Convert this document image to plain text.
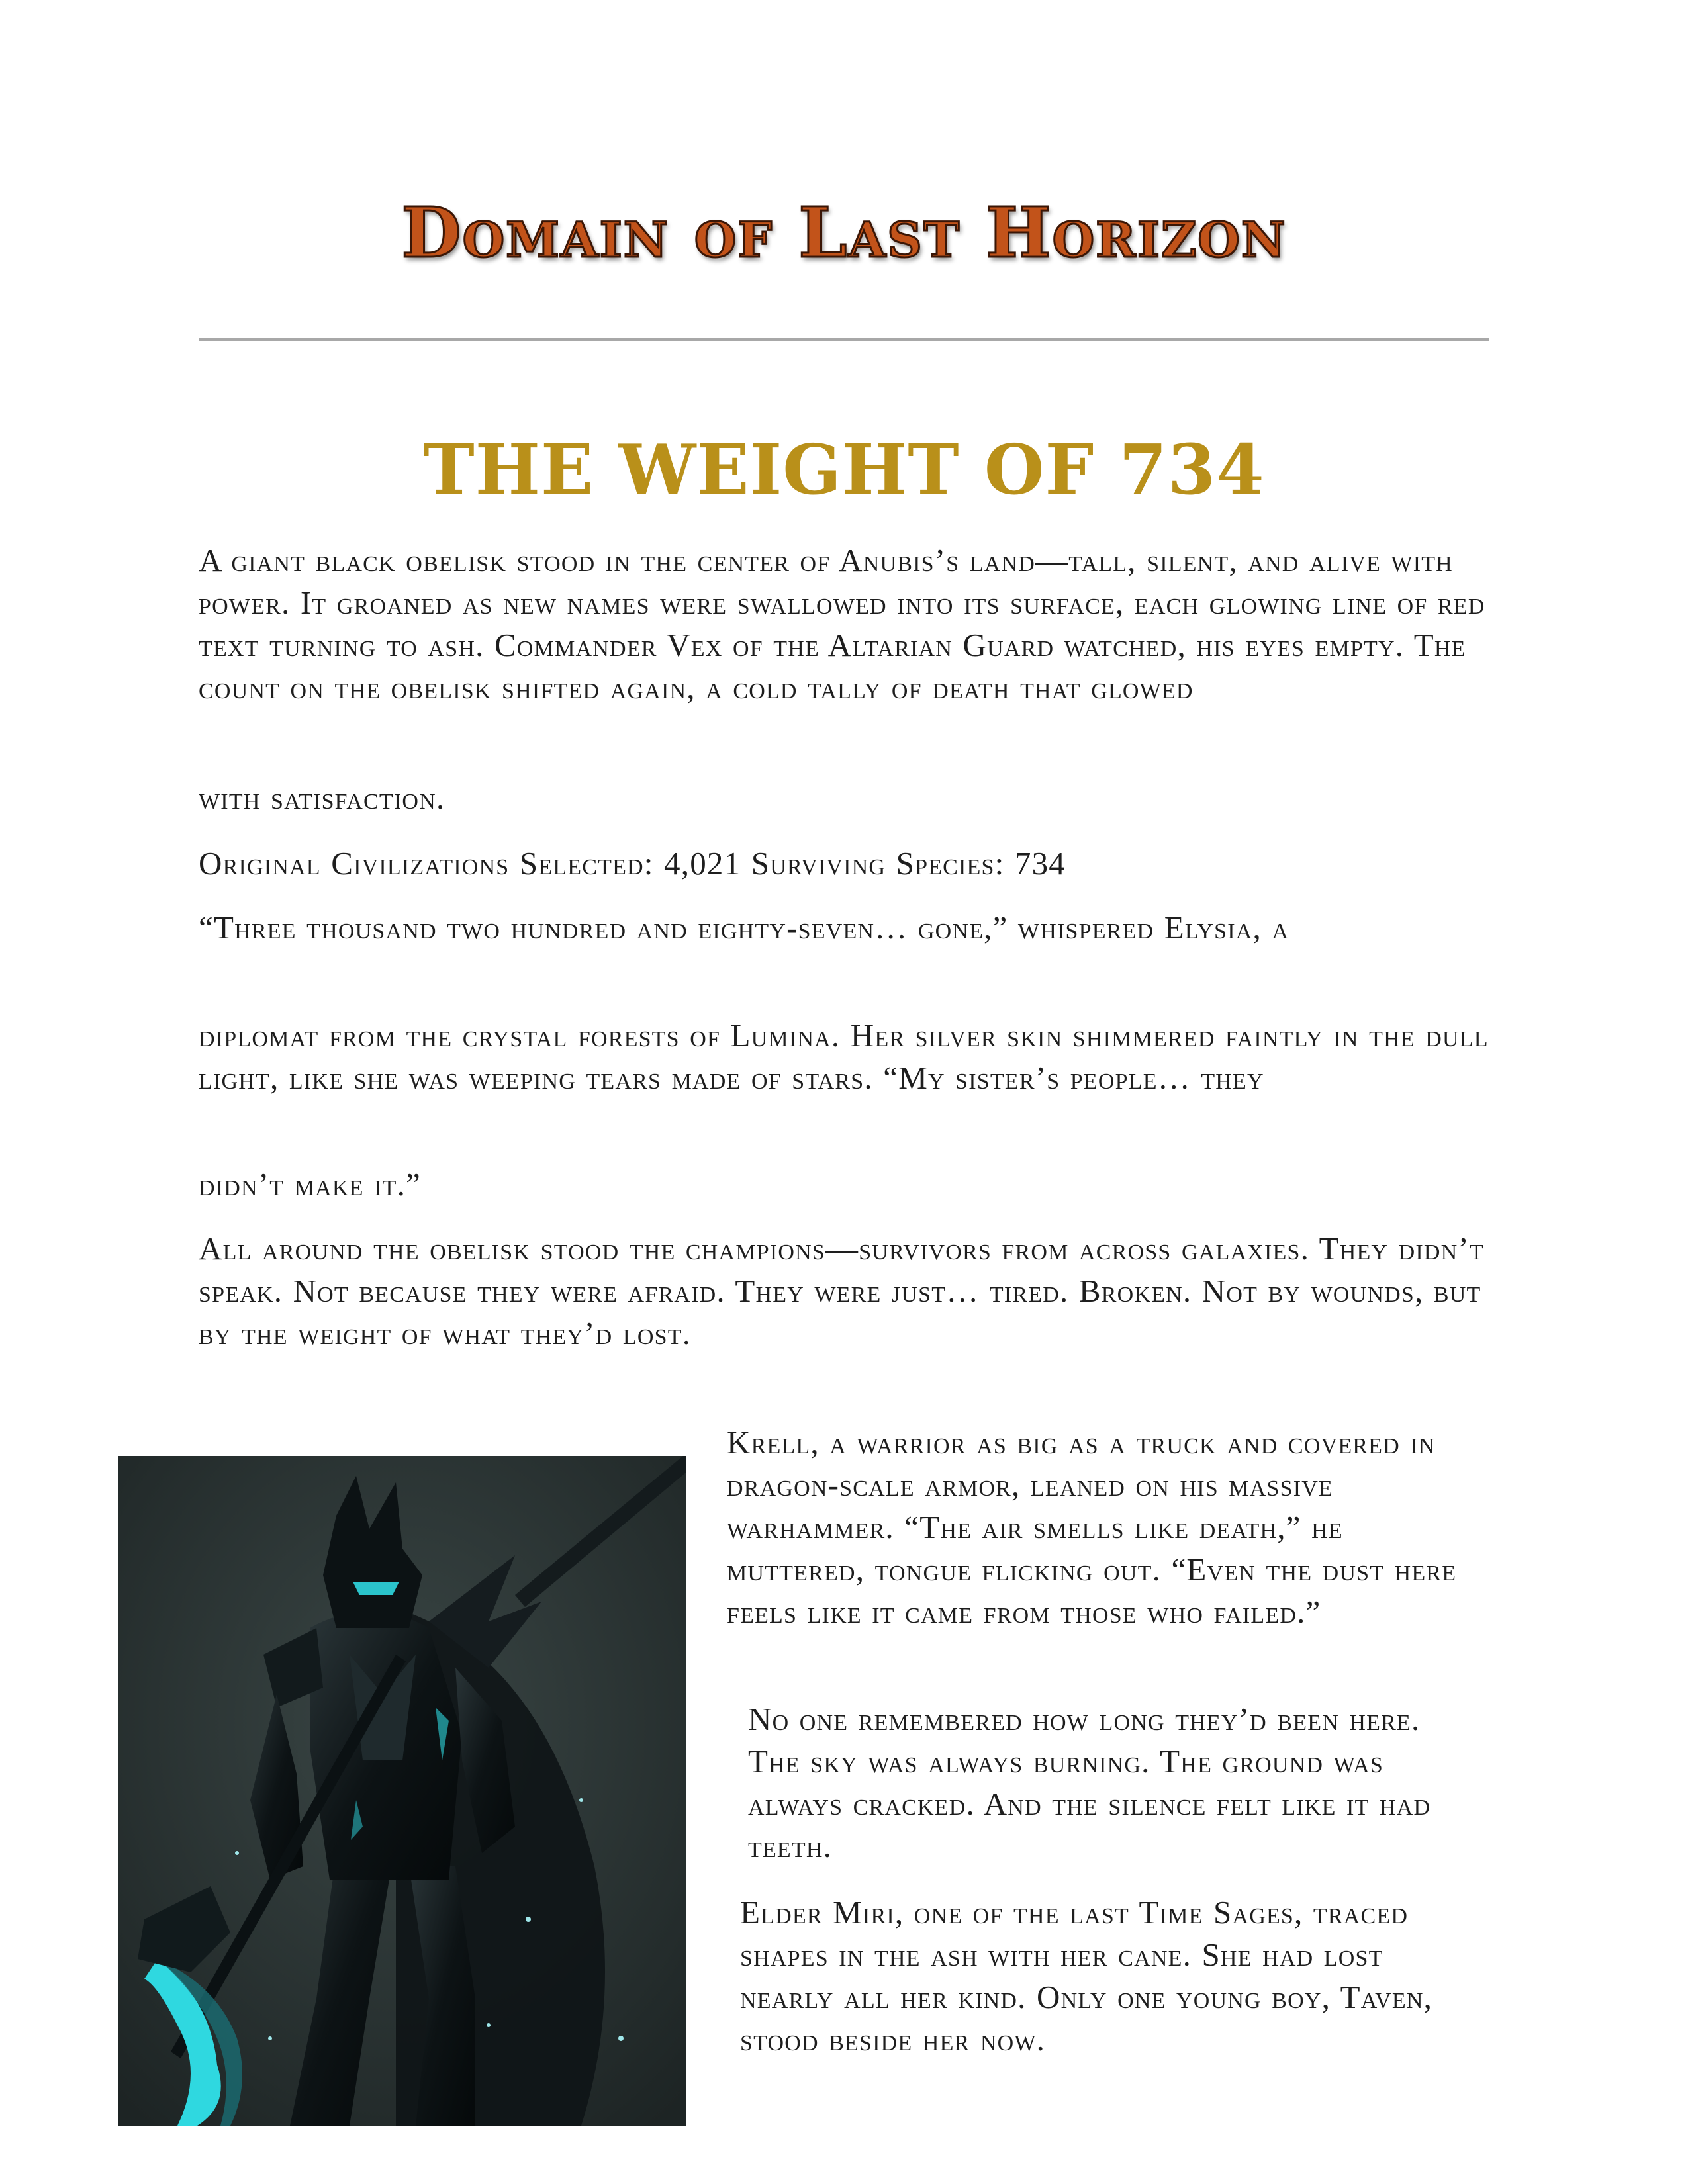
Domain of Last Horizon
THE WEIGHT OF 734

A giant black obelisk stood in the center of Anubis’s land—tall, silent, and alive with power. It groaned as new names were swallowed into its surface, each glowing line of red text turning to ash. Commander Vex of the Altarian Guard watched, his eyes empty. The count on the obelisk shifted again, a cold tally of death that glowed

with satisfaction.

Original Civilizations Selected: 4,021 Surviving Species: 734

“Three thousand two hundred and eighty-seven… gone,” whispered Elysia, a

diplomat from the crystal forests of Lumina. Her silver skin shimmered faintly in the dull light, like she was weeping tears made of stars. “My sister’s people… they

didn’t make it.”

All around the obelisk stood the champions—survivors from across galaxies. They didn’t speak. Not because they were afraid. They were just… tired. Broken. Not by wounds, but by the weight of what they’d lost.

Krell, a warrior as big as a truck and covered in dragon-scale armor, leaned on his massive warhammer. “The air smells like death,” he muttered, tongue flicking out. “Even the dust here feels like it came from those who failed.”

No one remembered how long they’d been here. The sky was always burning. The ground was always cracked. And the silence felt like it had teeth.

Elder Miri, one of the last Time Sages, traced shapes in the ash with her cane. She had lost nearly all her kind. Only one young boy, Taven, stood beside her now.
